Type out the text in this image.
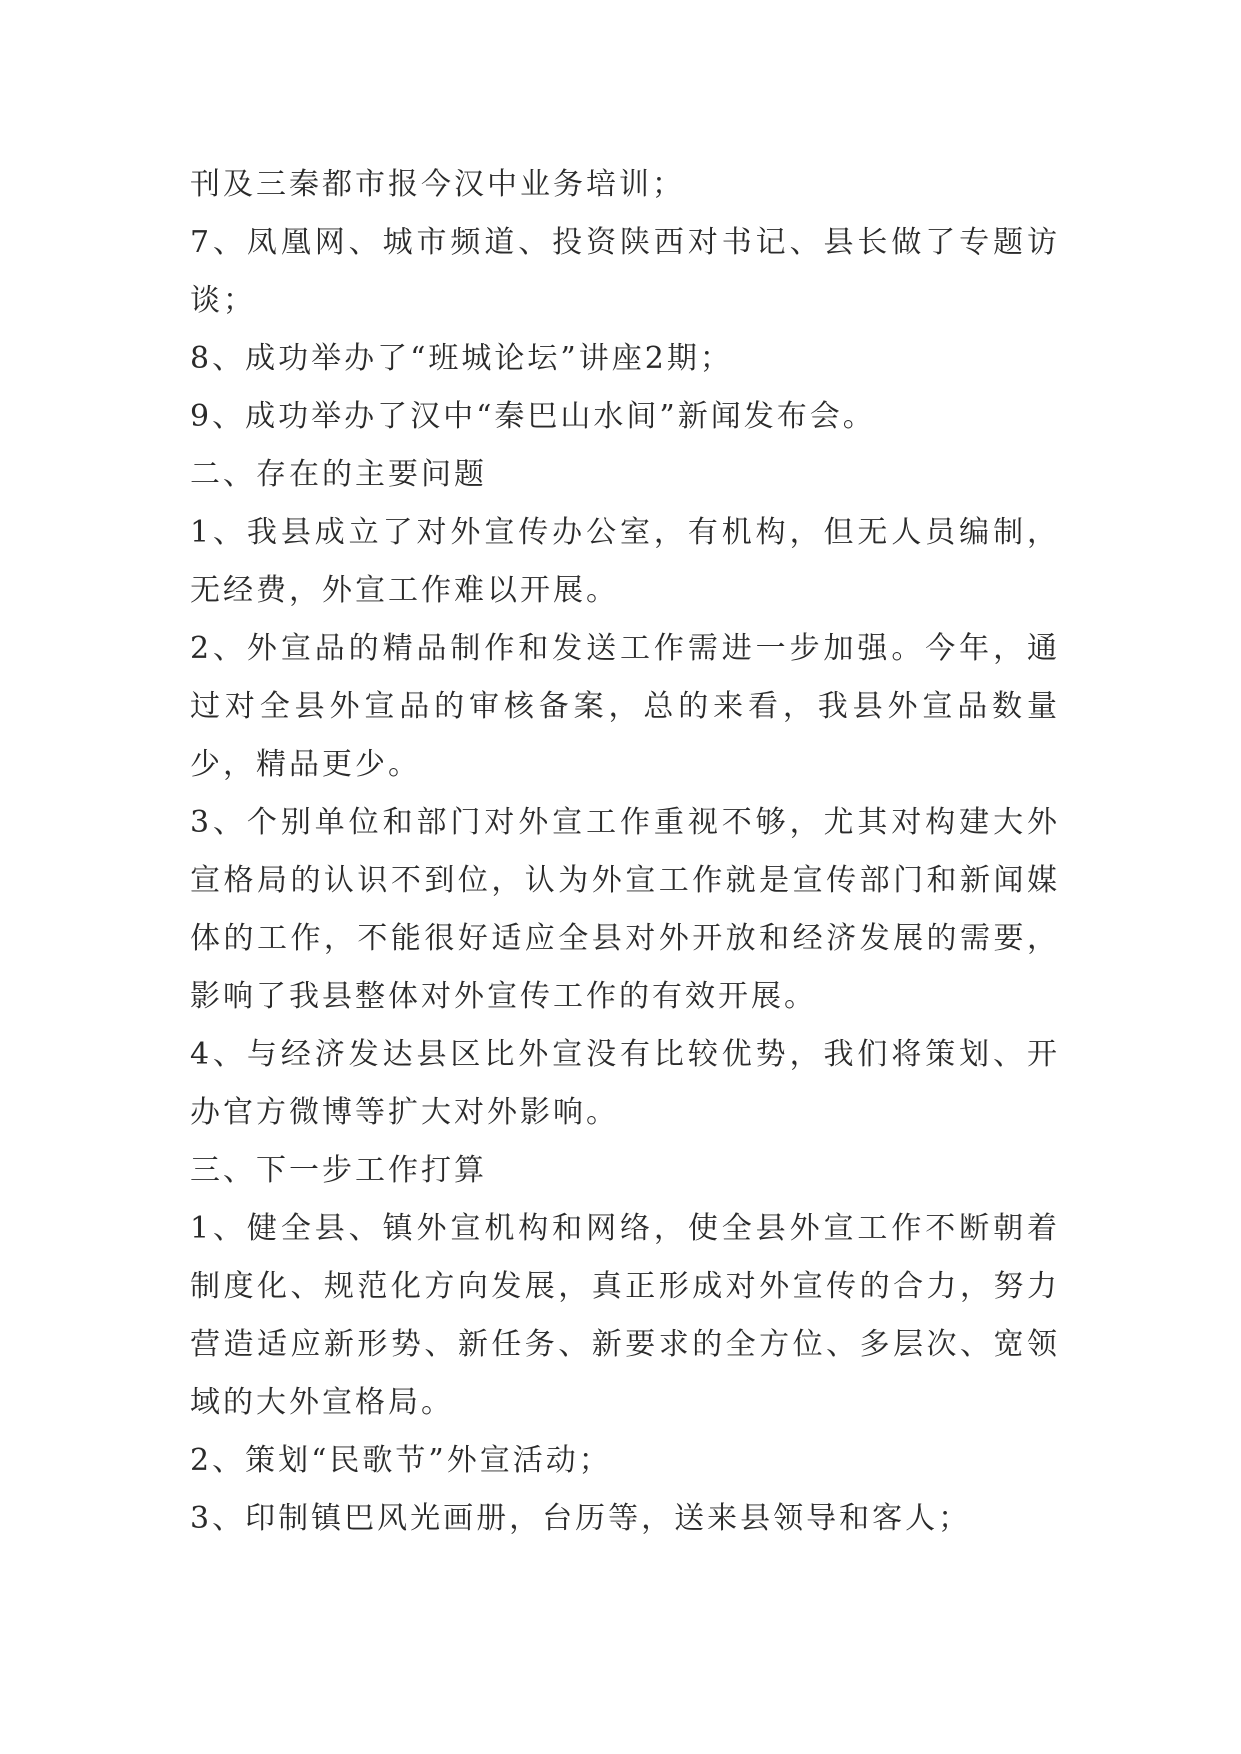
刊及三秦都市报今汉中业务培训；

7、凤凰网、城市频道、投资陕西对书记、县长做了专题访谈；

8、成功举办了“班城论坛”讲座2期；

9、成功举办了汉中“秦巴山水间”新闻发布会。

二、存在的主要问题

1、我县成立了对外宣传办公室，有机构，但无人员编制，无经费，外宣工作难以开展。

2、外宣品的精品制作和发送工作需进一步加强。今年，通过对全县外宣品的审核备案，总的来看，我县外宣品数量少，精品更少。

3、个别单位和部门对外宣工作重视不够，尤其对构建大外宣格局的认识不到位，认为外宣工作就是宣传部门和新闻媒体的工作，不能很好适应全县对外开放和经济发展的需要，影响了我县整体对外宣传工作的有效开展。

4、与经济发达县区比外宣没有比较优势，我们将策划、开办官方微博等扩大对外影响。

三、下一步工作打算

1、健全县、镇外宣机构和网络，使全县外宣工作不断朝着制度化、规范化方向发展，真正形成对外宣传的合力，努力营造适应新形势、新任务、新要求的全方位、多层次、宽领域的大外宣格局。

2、策划“民歌节”外宣活动；

3、印制镇巴风光画册，台历等，送来县领导和客人；
